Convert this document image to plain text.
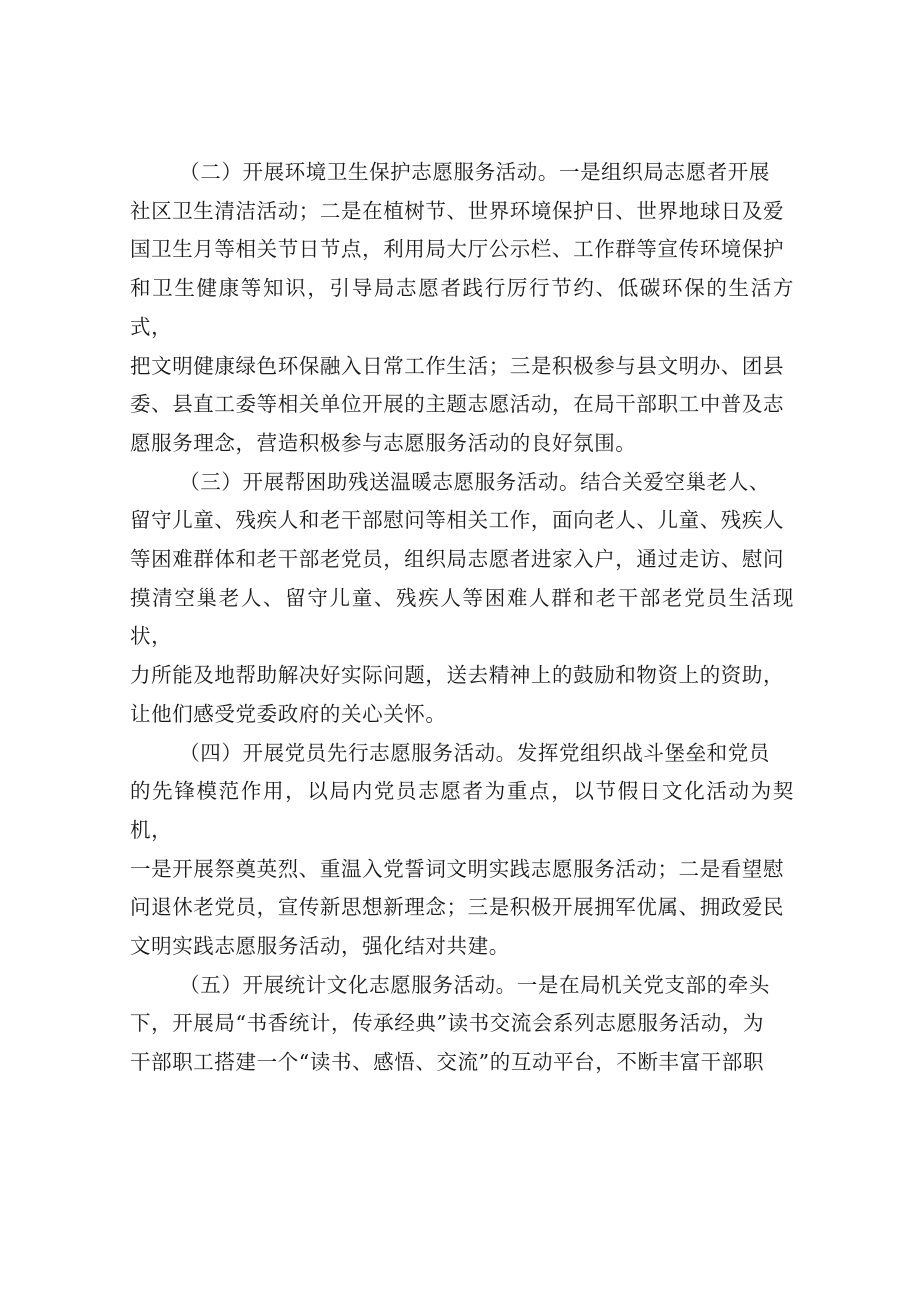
（二）开展环境卫生保护志愿服务活动。一是组织局志愿者开展
社区卫生清洁活动；二是在植树节、世界环境保护日、世界地球日及爱
国卫生月等相关节日节点，利用局大厅公示栏、工作群等宣传环境保护
和卫生健康等知识，引导局志愿者践行厉行节约、低碳环保的生活方式，
把文明健康绿色环保融入日常工作生活；三是积极参与县文明办、团县
委、县直工委等相关单位开展的主题志愿活动，在局干部职工中普及志
愿服务理念，营造积极参与志愿服务活动的良好氛围。

（三）开展帮困助残送温暖志愿服务活动。结合关爱空巢老人、
留守儿童、残疾人和老干部慰问等相关工作，面向老人、儿童、残疾人
等困难群体和老干部老党员，组织局志愿者进家入户，通过走访、慰问
摸清空巢老人、留守儿童、残疾人等困难人群和老干部老党员生活现状，
力所能及地帮助解决好实际问题，送去精神上的鼓励和物资上的资助，
让他们感受党委政府的关心关怀。

（四）开展党员先行志愿服务活动。发挥党组织战斗堡垒和党员
的先锋模范作用，以局内党员志愿者为重点，以节假日文化活动为契机，
一是开展祭奠英烈、重温入党誓词文明实践志愿服务活动；二是看望慰
问退休老党员，宣传新思想新理念；三是积极开展拥军优属、拥政爱民
文明实践志愿服务活动，强化结对共建。

（五）开展统计文化志愿服务活动。一是在局机关党支部的牵头
下，开展局“书香统计，传承经典”读书交流会系列志愿服务活动，为
干部职工搭建一个“读书、感悟、交流”的互动平台，不断丰富干部职
